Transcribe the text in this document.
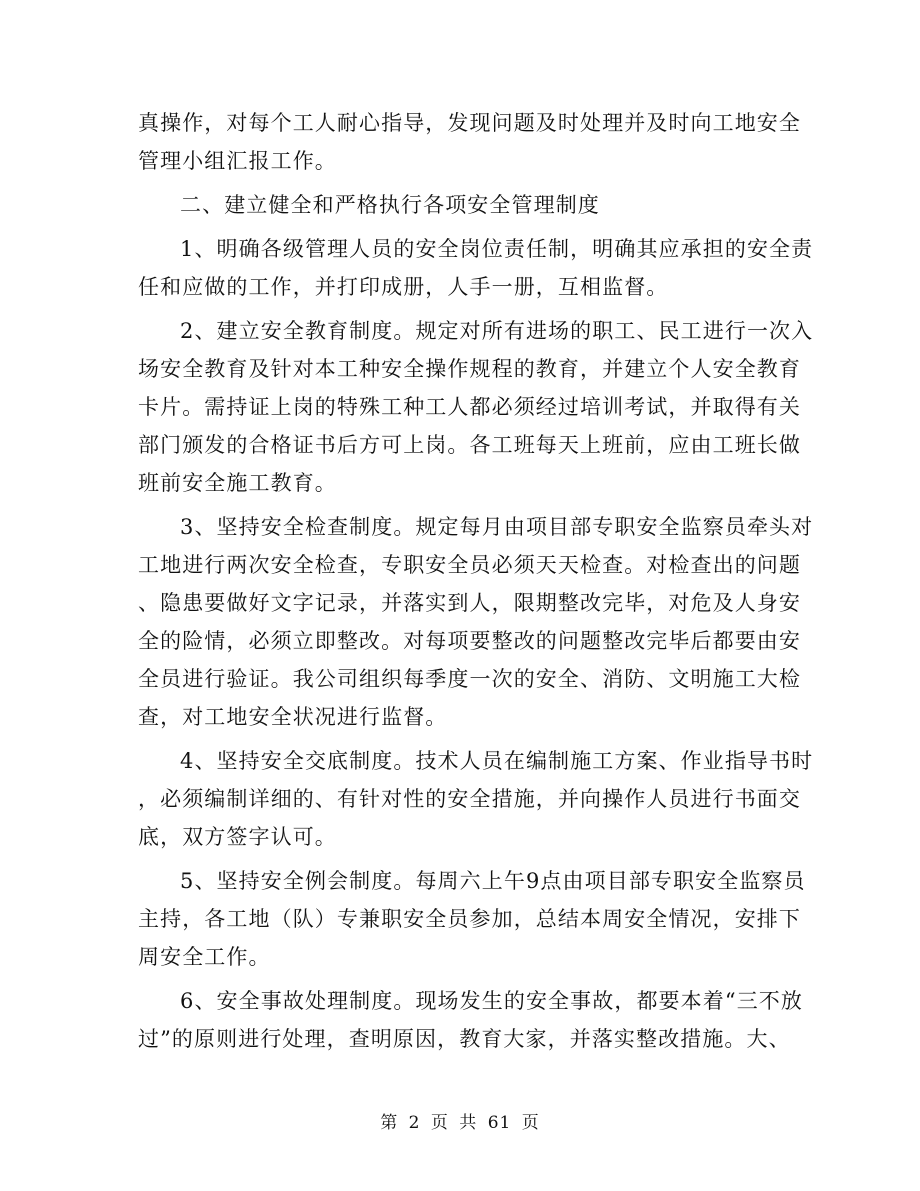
真操作，对每个工人耐心指导，发现问题及时处理并及时向工地安全
管理小组汇报工作。
二、建立健全和严格执行各项安全管理制度
1、明确各级管理人员的安全岗位责任制，明确其应承担的安全责
任和应做的工作，并打印成册，人手一册，互相监督。
2、建立安全教育制度。规定对所有进场的职工、民工进行一次入
场安全教育及针对本工种安全操作规程的教育，并建立个人安全教育
卡片。需持证上岗的特殊工种工人都必须经过培训考试，并取得有关
部门颁发的合格证书后方可上岗。各工班每天上班前，应由工班长做
班前安全施工教育。
3、坚持安全检查制度。规定每月由项目部专职安全监察员牵头对
工地进行两次安全检查，专职安全员必须天天检查。对检查出的问题
、隐患要做好文字记录，并落实到人，限期整改完毕，对危及人身安
全的险情，必须立即整改。对每项要整改的问题整改完毕后都要由安
全员进行验证。我公司组织每季度一次的安全、消防、文明施工大检
查，对工地安全状况进行监督。
4、坚持安全交底制度。技术人员在编制施工方案、作业指导书时
，必须编制详细的、有针对性的安全措施，并向操作人员进行书面交
底，双方签字认可。
5、坚持安全例会制度。每周六上午9点由项目部专职安全监察员
主持，各工地（队）专兼职安全员参加，总结本周安全情况，安排下
周安全工作。
6、安全事故处理制度。现场发生的安全事故，都要本着“三不放
过”的原则进行处理，查明原因，教育大家，并落实整改措施。大、
第 2 页 共 61 页
